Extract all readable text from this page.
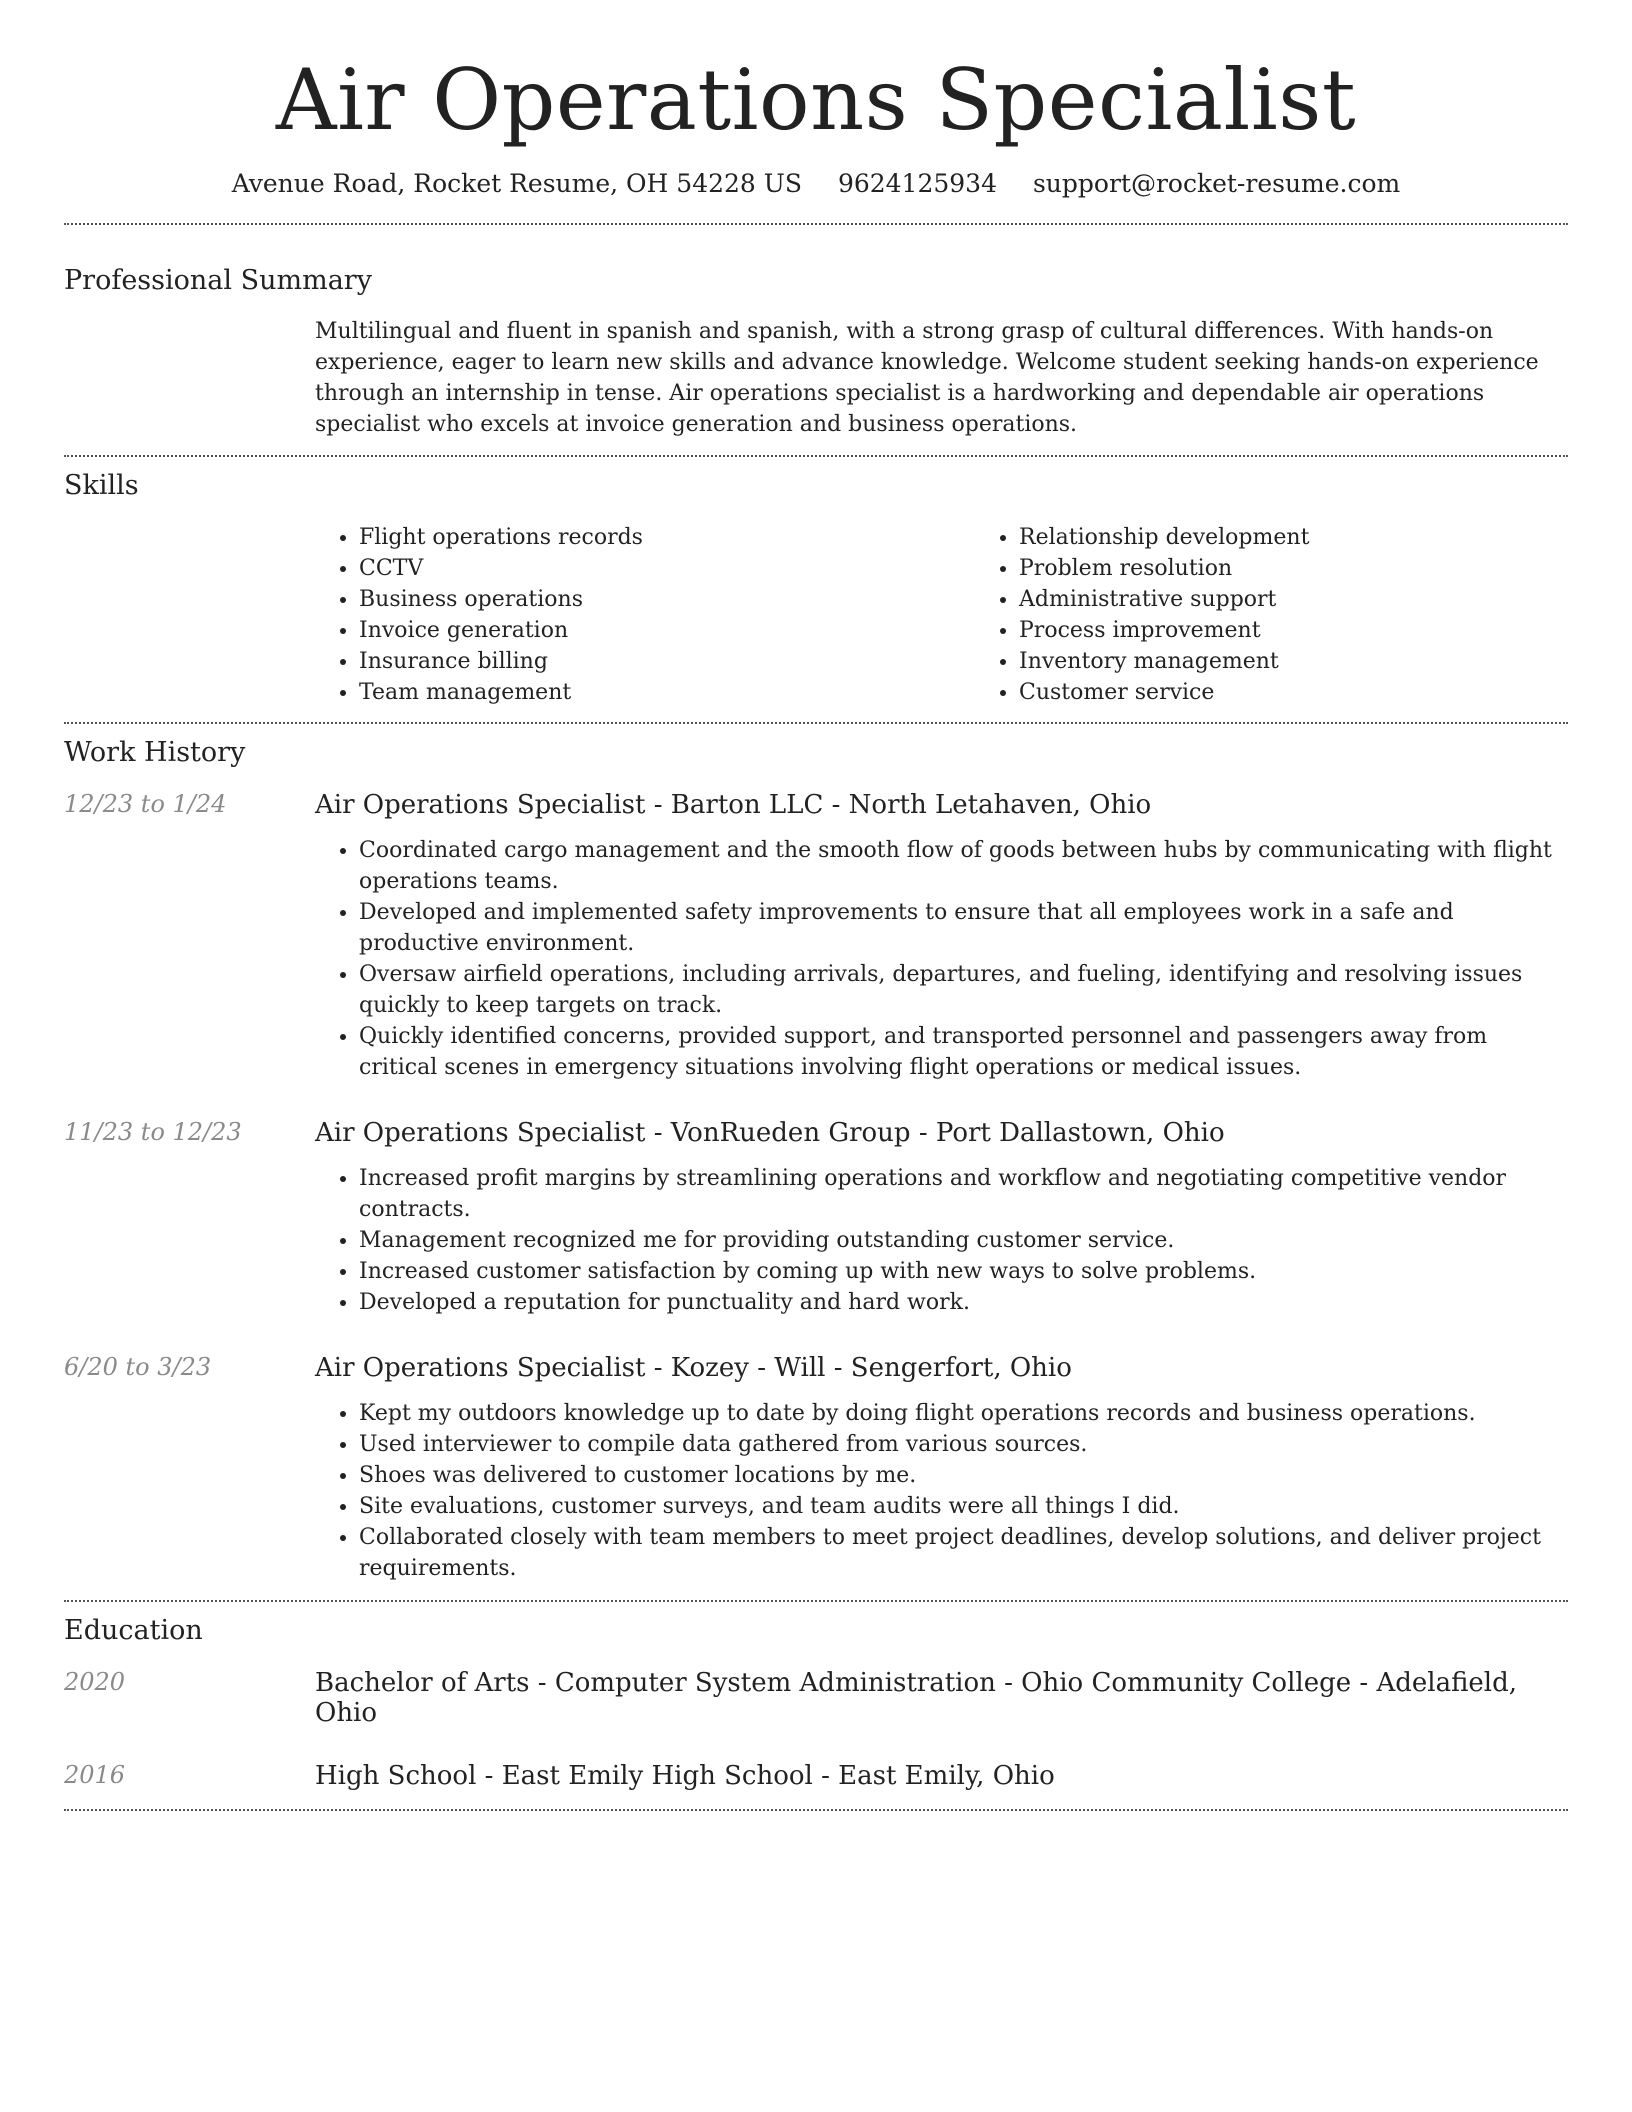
Air Operations Specialist
Avenue Road, Rocket Resume, OH 54228 US 9624125934 support@rocket-resume.com
Professional Summary

Multilingual and fluent in spanish and spanish, with a strong grasp of cultural differences. With hands-on experience, eager to learn new skills and advance knowledge. Welcome student seeking hands-on experience through an internship in tense. Air operations specialist is a hardworking and dependable air operations specialist who excels at invoice generation and business operations.

Skills
• Flight operations records
• CCTV
• Business operations
• Invoice generation
• Insurance billing
• Team management
• Relationship development
• Problem resolution
• Administrative support
• Process improvement
• Inventory management
• Customer service
Work History
12/23 to 1/24	Air Operations Specialist - Barton LLC - North Letahaven, Ohio
• Coordinated cargo management and the smooth flow of goods between hubs by communicating with flight operations teams.
• Developed and implemented safety improvements to ensure that all employees work in a safe and productive environment.
• Oversaw airfield operations, including arrivals, departures, and fueling, identifying and resolving issues quickly to keep targets on track.
• Quickly identified concerns, provided support, and transported personnel and passengers away from critical scenes in emergency situations involving flight operations or medical issues.
11/23 to 12/23	Air Operations Specialist - VonRueden Group - Port Dallastown, Ohio
• Increased profit margins by streamlining operations and workflow and negotiating competitive vendor contracts.
• Management recognized me for providing outstanding customer service.
• Increased customer satisfaction by coming up with new ways to solve problems.
• Developed a reputation for punctuality and hard work.
6/20 to 3/23	Air Operations Specialist - Kozey - Will - Sengerfort, Ohio
• Kept my outdoors knowledge up to date by doing flight operations records and business operations.
• Used interviewer to compile data gathered from various sources.
• Shoes was delivered to customer locations by me.
• Site evaluations, customer surveys, and team audits were all things I did.
• Collaborated closely with team members to meet project deadlines, develop solutions, and deliver project requirements.
Education
2020	Bachelor of Arts - Computer System Administration - Ohio Community College - Adelafield, Ohio
2016	High School - East Emily High School - East Emily, Ohio
